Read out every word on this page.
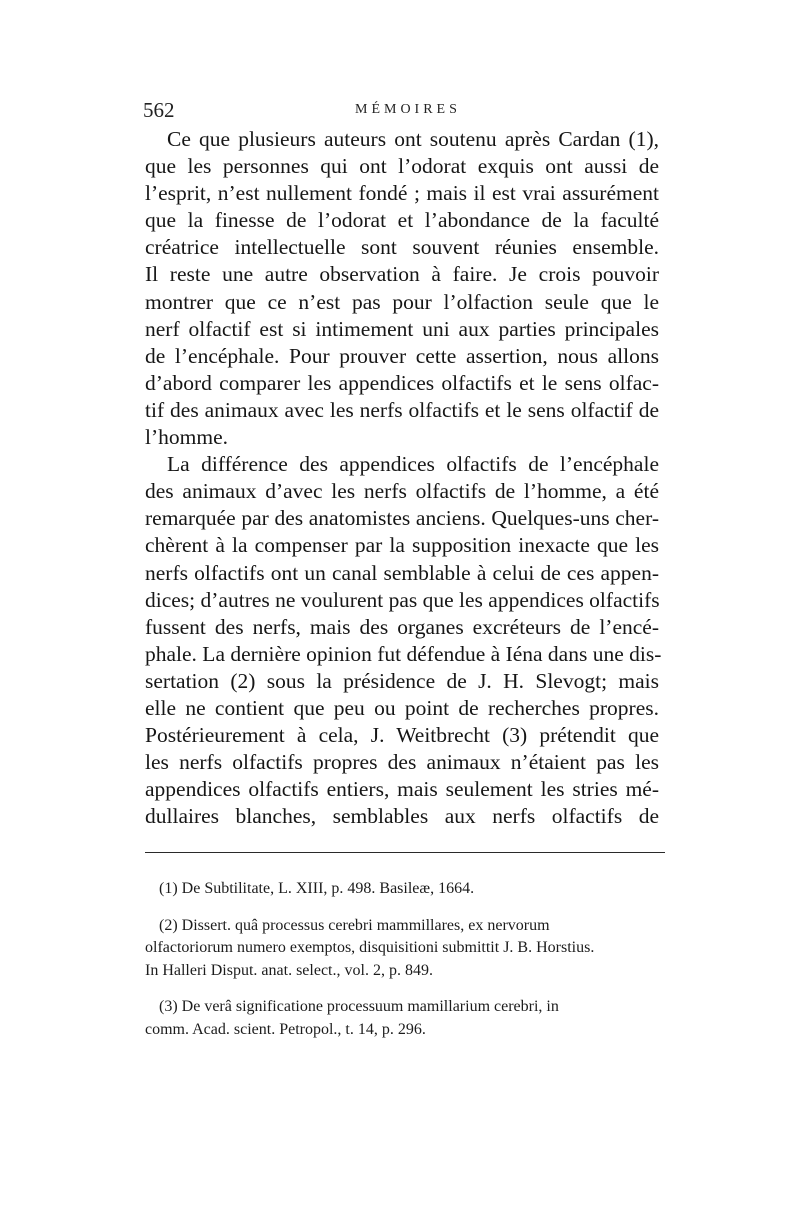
562	MÉMOIRES
Ce que plusieurs auteurs ont soutenu après Cardan (1),
que les personnes qui ont l’odorat exquis ont aussi de
l’esprit, n’est nullement fondé ; mais il est vrai assurément
que la finesse de l’odorat et l’abondance de la faculté
créatrice intellectuelle sont souvent réunies ensemble.
Il reste une autre observation à faire. Je crois pouvoir
montrer que ce n’est pas pour l’olfaction seule que le
nerf olfactif est si intimement uni aux parties principales
de l’encéphale. Pour prouver cette assertion, nous allons
d’abord comparer les appendices olfactifs et le sens olfac-
tif des animaux avec les nerfs olfactifs et le sens olfactif de
l’homme.
La différence des appendices olfactifs de l’encéphale
des animaux d’avec les nerfs olfactifs de l’homme, a été
remarquée par des anatomistes anciens. Quelques-uns cher-
chèrent à la compenser par la supposition inexacte que les
nerfs olfactifs ont un canal semblable à celui de ces appen-
dices; d’autres ne voulurent pas que les appendices olfactifs
fussent des nerfs, mais des organes excréteurs de l’encé-
phale. La dernière opinion fut défendue à Iéna dans une dis-
sertation (2) sous la présidence de J. H. Slevogt; mais
elle ne contient que peu ou point de recherches propres.
Postérieurement à cela, J. Weitbrecht (3) prétendit que
les nerfs olfactifs propres des animaux n’étaient pas les
appendices olfactifs entiers, mais seulement les stries mé-
dullaires blanches, semblables aux nerfs olfactifs de
(1) De Subtilitate, L. XIII, p. 498. Basileæ, 1664.
(2) Dissert. quâ processus cerebri mammillares, ex nervorum
olfactoriorum numero exemptos, disquisitioni submittit J. B. Horstius.
In Halleri Disput. anat. select., vol. 2, p. 849.
(3) De verâ significatione processuum mamillarium cerebri, in
comm. Acad. scient. Petropol., t. 14, p. 296.
